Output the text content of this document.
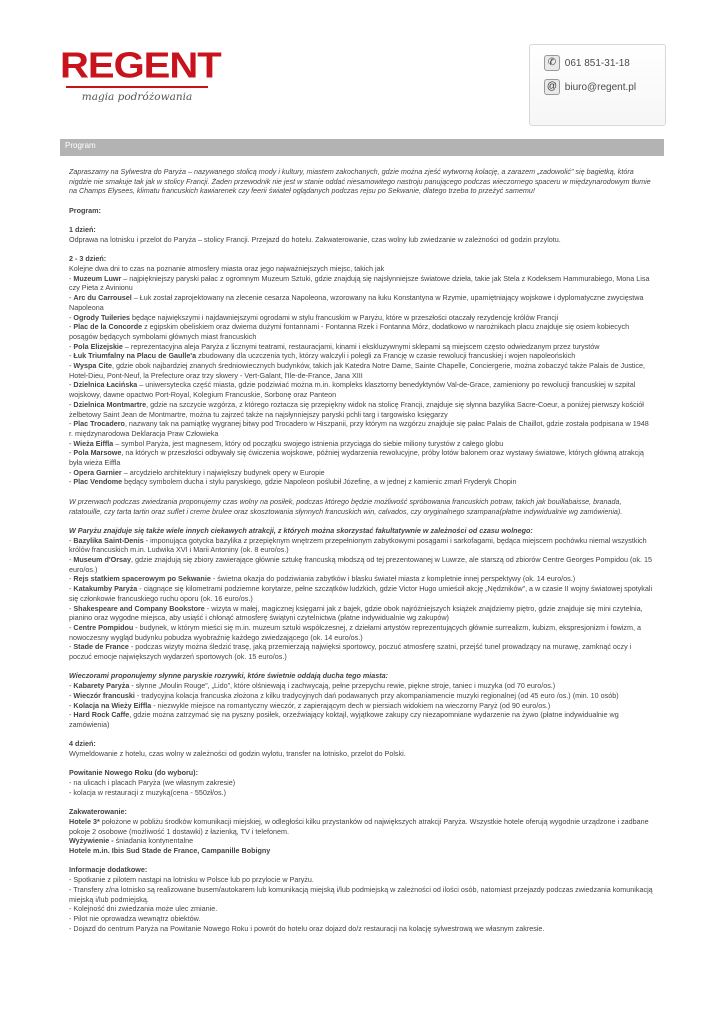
REGENT
magia podróżowania
✆ 061 851-31-18
@ biuro@regent.pl
Program

Zapraszamy na Sylwestra do Paryża – nazywanego stolicą mody i kultury, miastem zakochanych, gdzie można zjeść wytworną kolację, a zarazem „zadowolić” się bagietką, która nigdzie nie smakuje tak jak w stolicy Francji. Żaden przewodnik nie jest w stanie oddać niesamowitego nastroju panującego podczas wieczornego spaceru w międzynarodowym tłumie na Champs Elysees, klimatu francuskich kawiarenek czy feerii świateł oglądanych podczas rejsu po Sekwanie, dlatego trzeba to przeżyć samemu!

Program:

1 dzień:

Odprawa na lotnisku i przelot do Paryża – stolicy Francji. Przejazd do hotelu. Zakwaterowanie, czas wolny lub zwiedzanie w zależności od godzin przylotu.

2 - 3 dzień:

Kolejne dwa dni to czas na poznanie atmosfery miasta oraz jego najważniejszych miejsc, takich jak

- Muzeum Luwr – najpiękniejszy paryski pałac z ogromnym Muzeum Sztuki, gdzie znajdują się najsłynniejsze światowe dzieła, takie jak Stela z Kodeksem Hammurabiego, Mona Lisa czy Pieta z Avinionu

- Arc du Carrousel – Łuk został zaprojektowany na zlecenie cesarza Napoleona, wzorowany na łuku Konstantyna w Rzymie, upamiętniający wojskowe i dyplomatyczne zwycięstwa Napoleona

- Ogrody Tuileries będące największymi i najdawniejszymi ogrodami w stylu francuskim w Paryżu, które w przeszłości otaczały rezydencję królów Francji

- Plac de la Concorde z egipskim obeliskiem oraz dwiema dużymi fontannami - Fontanna Rzek i Fontanna Mórz, dodatkowo w narożnikach placu znajduje się osiem kobiecych posągów będących symbolami głównych miast francuskich

- Pola Elizejskie – reprezentacyjna aleja Paryża z licznymi teatrami, restauracjami, kinami i ekskluzywnymi sklepami są miejscem często odwiedzanym przez turystów

- Łuk Triumfalny na Placu de Gaulle'a zbudowany dla uczczenia tych, którzy walczyli i polegli za Francję w czasie rewolucji francuskiej i wojen napoleońskich

- Wyspa Cite, gdzie obok najbardziej znanych średniowiecznych budynków, takich jak Katedra Notre Dame, Sainte Chapelle, Conciergerie, można zobaczyć także Palais de Justice, Hotel-Dieu, Pont-Neuf, la Prefecture oraz trzy skwery - Vert-Galant, l'Ile-de-France, Jana XIII

- Dzielnica Łacińska – uniwersytecka część miasta, gdzie podziwiać można m.in. kompleks klasztorny benedyktynów Val-de-Grace, zamieniony po rewolucji francuskiej w szpital wojskowy, dawne opactwo Port-Royal, Kolegium Francuskie, Sorbonę oraz Panteon

- Dzielnica Montmartre, gdzie na szczycie wzgórza, z którego roztacza się przepiękny widok na stolicę Francji, znajduje się słynna bazylika Sacre-Coeur, a poniżej pierwszy kościół żelbetowy Saint Jean de Montmartre, można tu zajrzeć także na najsłynniejszy paryski pchli targ i targowisko księgarzy

- Plac Trocadero, nazwany tak na pamiątkę wygranej bitwy pod Trocadero w Hiszpanii, przy którym na wzgórzu znajduje się pałac Palais de Chaillot, gdzie została podpisana w 1948 r. międzynarodowa Deklaracja Praw Człowieka

- Wieża Eiffla – symbol Paryża, jest magnesem, który od początku swojego istnienia przyciąga do siebie miliony turystów z całego globu

- Pola Marsowe, na których w przeszłości odbywały się ćwiczenia wojskowe, później wydarzenia rewolucyjne, próby lotów balonem oraz wystawy światowe, których główną atrakcją była wieża Eiffla

- Opera Garnier – arcydzieło architektury i największy budynek opery w Europie

- Plac Vendome będący symbolem ducha i stylu paryskiego, gdzie Napoleon poślubił Józefinę, a w jednej z kamienic zmarł Fryderyk Chopin

W przerwach podczas zwiedzania proponujemy czas wolny na posiłek, podczas którego będzie możliwość spróbowania francuskich potraw, takich jak bouillabaisse, branada, ratatouille, czy tarta tartin oraz suflet i creme brulee oraz skosztowania słynnych francuskich win, calvados, czy oryginalnego szampana(płatne indywidualnie wg zamówienia).

W Paryżu znajduje się także wiele innych ciekawych atrakcji, z których można skorzystać fakultatywnie w zależności od czasu wolnego:

- Bazylika Saint-Denis - imponująca gotycka bazylika z przepięknym wnętrzem przepełnionym zabytkowymi posągami i sarkofagami, będąca miejscem pochówku niemal wszystkich królów francuskich m.in. Ludwika XVI i Marii Antoniny (ok. 8 euro/os.)

- Museum d'Orsay, gdzie znajdują się zbiory zawierające głównie sztukę francuską młodszą od tej prezentowanej w Luwrze, ale starszą od zbiorów Centre Georges Pompidou (ok. 15 euro/os.)

- Rejs statkiem spacerowym po Sekwanie - świetna okazja do podziwiania zabytków i blasku świateł miasta z kompletnie innej perspektywy (ok. 14 euro/os.)

- Katakumby Paryża - ciągnące się kilometrami podziemne korytarze, pełne szczątków ludzkich, gdzie Victor Hugo umieścił akcję „Nędzników”, a w czasie II wojny światowej spotykali się członkowie francuskiego ruchu oporu (ok. 16 euro/os.)

- Shakespeare and Company Bookstore - wizyta w małej, magicznej księgarni jak z bajek, gdzie obok najróżniejszych książek znajdziemy piętro, gdzie znajduje się mini czytelnia, pianino oraz wygodne miejsca, aby usiąść i chłonąć atmosferę świątyni czytelnictwa (płatne indywidualnie wg zakupów)

- Centre Pompidou - budynek, w którym mieści się m.in. muzeum sztuki współczesnej, z dziełami artystów reprezentujących głównie surrealizm, kubizm, ekspresjonizm i fowizm, a nowoczesny wygląd budynku pobudza wyobraźnię każdego zwiedzającego (ok. 14 euro/os.)

- Stade de France - podczas wizyty można śledzić trasę, jaką przemierzają najwięksi sportowcy, poczuć atmosferę szatni, przejść tunel prowadzący na murawę, zamknąć oczy i poczuć emocje największych wydarzeń sportowych (ok. 15 euro/os.)

Wieczorami proponujemy słynne paryskie rozrywki, które świetnie oddają ducha tego miasta:

- Kabarety Paryża - słynne „Moulin Rouge”, „Lido”, które olśniewają i zachwycają, pełne przepychu rewie, piękne stroje, taniec i muzyka (od 70 euro/os.)

- Wieczór francuski - tradycyjna kolacja francuska złożona z kilku tradycyjnych dań podawanych przy akompaniamencie muzyki regionalnej (od 45 euro /os.) (min. 10 osób)

- Kolacja na Wieży Eiffla - niezwykle miejsce na romantyczny wieczór, z zapierającym dech w piersiach widokiem na wieczorny Paryż (od 90 euro/os.)

- Hard Rock Caffe, gdzie można zatrzymać się na pyszny posiłek, orzeźwiający koktajl, wyjątkowe zakupy czy niezapomniane wydarzenie na żywo (płatne indywidualnie wg zamówienia)

4 dzień:

Wymeldowanie z hotelu, czas wolny w zależności od godzin wylotu, transfer na lotnisko, przelot do Polski.

Powitanie Nowego Roku (do wyboru):

- na ulicach i placach Paryża (we własnym zakresie)

- kolacja w restauracji z muzyką(cena - 550zł/os.)

Zakwaterowanie:

Hotele 3* położone w pobliżu środków komunikacji miejskiej, w odległości kilku przystanków od największych atrakcji Paryża. Wszystkie hotele oferują wygodnie urządzone i zadbane pokoje 2 osobowe (możliwość 1 dostawki) z łazienką, TV i telefonem.

Wyżywienie - śniadania kontynentalne

Hotele m.in. Ibis Sud Stade de France, Campanille Bobigny

Informacje dodatkowe:

- Spotkanie z pilotem nastąpi na lotnisku w Polsce lub po przylocie w Paryżu.

- Transfery z/na lotnisko są realizowane busem/autokarem lub komunikacją miejską i/lub podmiejską w zależności od ilości osób, natomiast przejazdy podczas zwiedzania komunikacją miejską i/lub podmiejską.

- Kolejność dni zwiedzania może ulec zmianie.

- Pilot nie oprowadza wewnątrz obiektów.

- Dojazd do centrum Paryża na Powitanie Nowego Roku i powrót do hotelu oraz dojazd do/z restauracji na kolację sylwestrową we własnym zakresie.
